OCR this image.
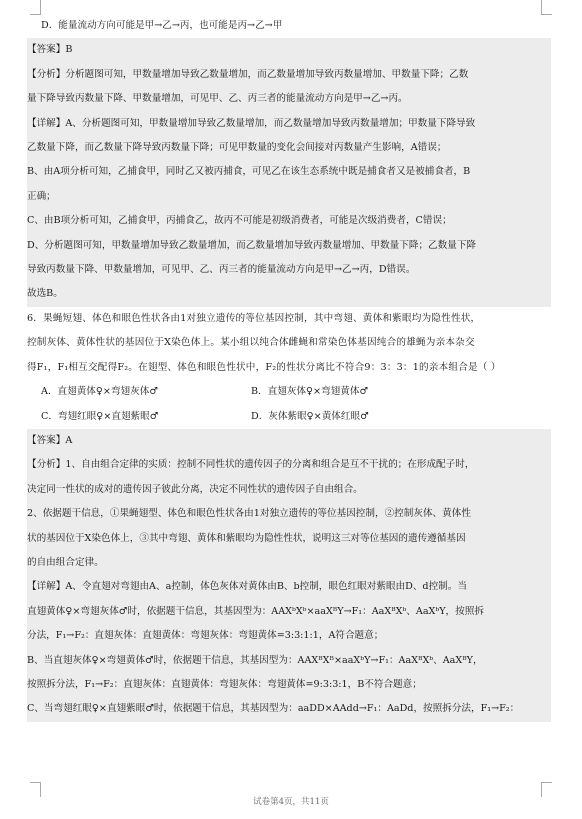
D．能量流动方向可能是甲→乙→丙，也可能是丙→乙→甲
【答案】B
【分析】分析题图可知，甲数量增加导致乙数量增加，而乙数量增加导致丙数量增加、甲数量下降；乙数
量下降导致丙数量下降、甲数量增加，可见甲、乙、丙三者的能量流动方向是甲→乙→丙。
【详解】A、分析题图可知，甲数量增加导致乙数量增加，而乙数量增加导致丙数量增加；甲数量下降导致
乙数量下降，而乙数量下降导致丙数量下降；可见甲数量的变化会间接对丙数量产生影响，A错误；
B、由A项分析可知，乙捕食甲，同时乙又被丙捕食，可见乙在该生态系统中既是捕食者又是被捕食者，B
正确；
C、由B项分析可知，乙捕食甲，丙捕食乙，故丙不可能是初级消费者，可能是次级消费者，C错误；
D、分析题图可知，甲数量增加导致乙数量增加，而乙数量增加导致丙数量增加、甲数量下降；乙数量下降
导致丙数量下降、甲数量增加，可见甲、乙、丙三者的能量流动方向是甲→乙→丙，D错误。
故选B。
6．果蝇短翅、体色和眼色性状各由1对独立遗传的等位基因控制，其中弯翅、黄体和紫眼均为隐性性状，
控制灰体、黄体性状的基因位于X染色体上。某小组以纯合体雌蝇和常染色体基因纯合的雄蝇为亲本杂交
得F₁，F₁相互交配得F₂。在翅型、体色和眼色性状中，F₂的性状分离比不符合9：3：3：1的亲本组合是（ ）
A．直翅黄体♀×弯翅灰体♂	B．直翅灰体♀×弯翅黄体♂
C．弯翅红眼♀×直翅紫眼♂	D．灰体紫眼♀×黄体红眼♂
【答案】A
【分析】1、自由组合定律的实质：控制不同性状的遗传因子的分离和组合是互不干扰的；在形成配子时，
决定同一性状的成对的遗传因子彼此分离，决定不同性状的遗传因子自由组合。
2、依据题干信息，①果蝇翅型、体色和眼色性状各由1对独立遗传的等位基因控制，②控制灰体、黄体性
状的基因位于X染色体上，③其中弯翅、黄体和紫眼均为隐性性状，说明这三对等位基因的遗传遵循基因
的自由组合定律。
【详解】A、令直翅对弯翅由A、a控制，体色灰体对黄体由B、b控制，眼色红眼对紫眼由D、d控制。当
直翅黄体♀×弯翅灰体♂时，依据题干信息，其基因型为：AAXᵇXᵇ×aaXᴮY→F₁：AaXᴮXᵇ、AaXᵇY，按照拆
分法，F₁→F₂：直翅灰体：直翅黄体：弯翅灰体：弯翅黄体=3:3:1:1，A符合题意；
B、当直翅灰体♀×弯翅黄体♂时，依据题干信息，其基因型为：AAXᴮXᴮ×aaXᵇY→F₁：AaXᴮXᵇ、AaXᴮY，
按照拆分法，F₁→F₂：直翅灰体：直翅黄体：弯翅灰体：弯翅黄体=9:3:3:1，B不符合题意；
C、当弯翅红眼♀×直翅紫眼♂时，依据题干信息，其基因型为：aaDD×AAdd→F₁：AaDd，按照拆分法，F₁→F₂：
试卷第4页，共11页
